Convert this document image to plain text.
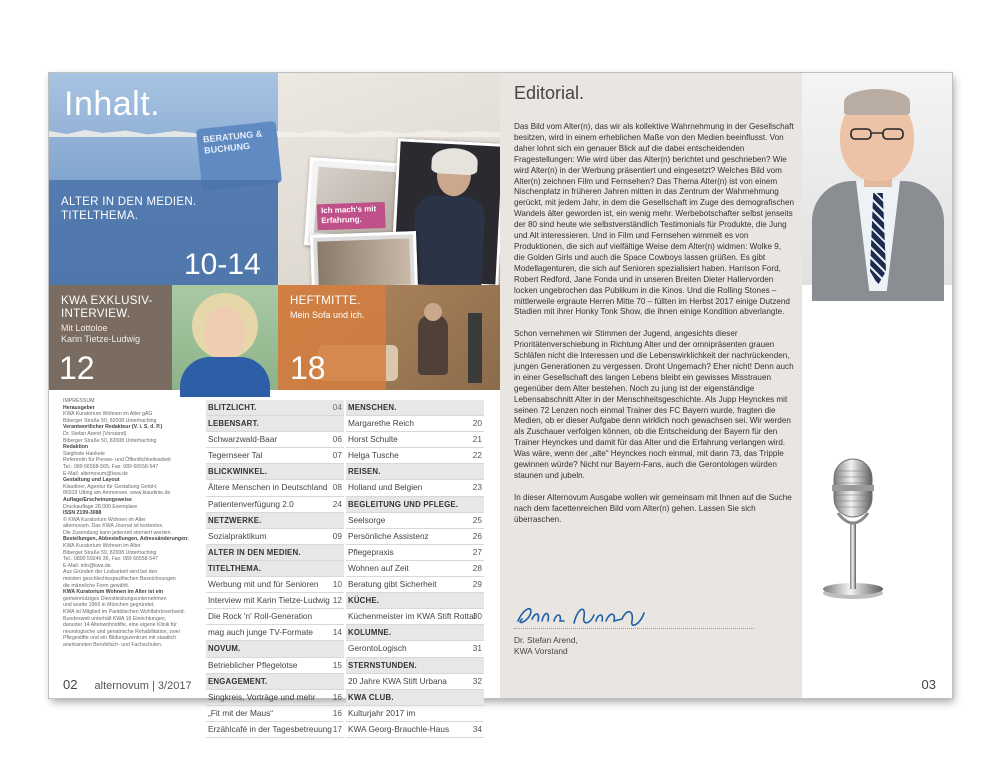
BERATUNG & BUCHUNG
Ich mach's mit Erfahrung.
Inhalt.
ALTER IN DEN MEDIEN.
TITELTHEMA.
10-14
KWA EXKLUSIV-
INTERVIEW.
Mit Lottoloe
Karin Tietze-Ludwig
12
HEFTMITTE.
Mein Sofa und ich.
18
IMPRESSUM
Herausgeber
KWA Kuratorium Wohnen im Alter gAG
Biberger Straße 50, 82008 Unterhaching
Verantwortlicher Redakteur (V. i. S. d. P.)
Dr. Stefan Arend (Vorstand)
Biberger Straße 50, 82008 Unterhaching
Redaktion
Sieglinde Hankele
Referentin für Presse- und Öffentlichkeitsarbeit
Tel.: 089 66558-565, Fax: 089 66558-547
E-Mail: alternovum@kwa.de
Gestaltung und Layout
Klaudiner, Agentur für Gestaltung GmbH,
86919 Utting am Ammersee, www.klaudinie.de
Auflage/Erscheinungsweise
Druckauflage 28.000 Exemplare
ISSN 2199-3088
© KWA Kuratorium Wohnen im Alter
alternovum. Das KWA Journal ist kostenlos.
Die Zusendung kann jederzeit storniert werden.
Bestellungen, Abbestellungen, Adressänderungen:
KWA Kuratorium Wohnen im Alter
Biberger Straße 50, 82008 Unterhaching
Tel.: 0800 59246 36, Fax: 089 66558-547
E-Mail: info@kwa.de
Aus Gründen der Lesbarkeit wird bei den
meisten geschlechtsspezifischen Bezeichnungen
die männliche Form gewählt.
KWA Kuratorium Wohnen im Alter ist ein
gemeinnütziges Dienstleistungsunternehmen
und wurde 1966 in München gegründet.
KWA ist Mitglied im Paritätischen Wohlfahrtsverband.
Bundesweit unterhält KWA 16 Einrichtungen,
darunter 14 Altenwohnstifte, eine eigene Klinik für
neurologische und geriatrische Rehabilitation, zwei
Pflegestifte und ein Bildungszentrum mit staatlich
anerkannten Berufsfach- und Fachschulen.
BLITZLICHT.	04
LEBENSART.
Schwarzwald-Baar	06
Tegernseer Tal	07
BLICKWINKEL.
Ältere Menschen in Deutschland 08
Patientenverfügung 2.0	24
NETZWERKE.
Sozialpraktikum	09
ALTER IN DEN MEDIEN.
TITELTHEMA.
Werbung mit und für Senioren 10
Interview mit Karin Tietze-Ludwig 12
Die Rock 'n' Roll-Generation
mag auch junge TV-Formate 14
NOVUM.
Betrieblicher Pflegelotse	15
ENGAGEMENT.
Singkreis, Vorträge und mehr 16
„Fit mit der Maus“	16
Erzählcafé in der Tagesbetreuung 17
MENSCHEN.
Margarethe Reich	20
Horst Schulte	21
Helga Tusche	22
REISEN.
Holland und Belgien	23
BEGLEITUNG UND PFLEGE.
Seelsorge	25
Persönliche Assistenz	26
Pflegepraxis	27
Wohnen auf Zeit	28
Beratung gibt Sicherheit	29
KÜCHE.
Küchenmeister im KWA Stift Rottal
30
KOLUMNE.
GerontoLogisch	31
STERNSTUNDEN.
20 Jahre KWA Stift Urbana	32
KWA CLUB.
Kulturjahr 2017 im
KWA Georg-Brauchle-Haus	34
02 alternovum | 3/2017
Editorial.

Das Bild vom Alter(n), das wir als kollektive Wahrnehmung in der Gesellschaft besitzen, wird in einem erheblichen Maße von den Medien beeinflusst. Von daher lohnt sich ein genauer Blick auf die dabei entscheidenden Fragestellungen: Wie wird über das Alter(n) berichtet und geschrieben? Wie wird Alter(n) in der Werbung präsentiert und eingesetzt? Welches Bild vom Alter(n) zeichnen Film und Fernsehen? Das Thema Alter(n) ist von einem Nischenplatz in früheren Jahren mitten in das Zentrum der Wahrnehmung gerückt, mit jedem Jahr, in dem die Gesellschaft im Zuge des demografischen Wandels älter geworden ist, ein wenig mehr. Werbebotschafter selbst jenseits der 80 sind heute wie selbstverständlich Testimonials für Produkte, die Jung und Alt interessieren. Und in Film und Fernsehen wimmelt es von Produktionen, die sich auf vielfältige Weise dem Alter(n) widmen: Wolke 9, die Golden Girls und auch die Space Cowboys lassen grüßen. Es gibt Modellagenturen, die sich auf Senioren spezialisiert haben. Harrison Ford, Robert Redford, Jane Fonda und in unseren Breiten Dieter Hallervorden locken ungebrochen das Publikum in die Kinos. Und die Rolling Stones – mittlerweile ergraute Herren Mitte 70 – füllten im Herbst 2017 einige Dutzend Stadien mit ihrer Honky Tonk Show, die ihnen einige Kondition abverlangte.

Schon vernehmen wir Stimmen der Jugend, angesichts dieser Prioritätenverschiebung in Richtung Alter und der omnipräsenten grauen Schläfen nicht die Interessen und die Lebenswirklichkeit der nachrückenden, jungen Generationen zu vergessen. Droht Ungemach? Eher nicht! Denn auch in einer Gesellschaft des langen Lebens bleibt ein gewisses Misstrauen gegenüber dem Alter bestehen. Noch zu jung ist der eigenständige Lebensabschnitt Alter in der Menschheitsgeschichte. Als Jupp Heynckes mit seinen 72 Lenzen noch einmal Trainer des FC Bayern wurde, fragten die Medien, ob er dieser Aufgabe denn wirklich noch gewachsen sei. Wir werden als Zuschauer verfolgen können, ob die Entscheidung der Bayern für den Trainer Heynckes und damit für das Alter und die Erfahrung verlangen wird. Was wäre, wenn der „alte“ Heynckes noch einmal, mit dann 73, das Tripple gewinnen würde? Nicht nur Bayern-Fans, auch die Gerontologen würden staunen und jubeln.

In dieser Alternovum Ausgabe wollen wir gemeinsam mit Ihnen auf die Suche nach dem facettenreichen Bild vom Alter(n) gehen. Lassen Sie sich überraschen.

Dr. Stefan Arend,
KWA Vorstand
03
